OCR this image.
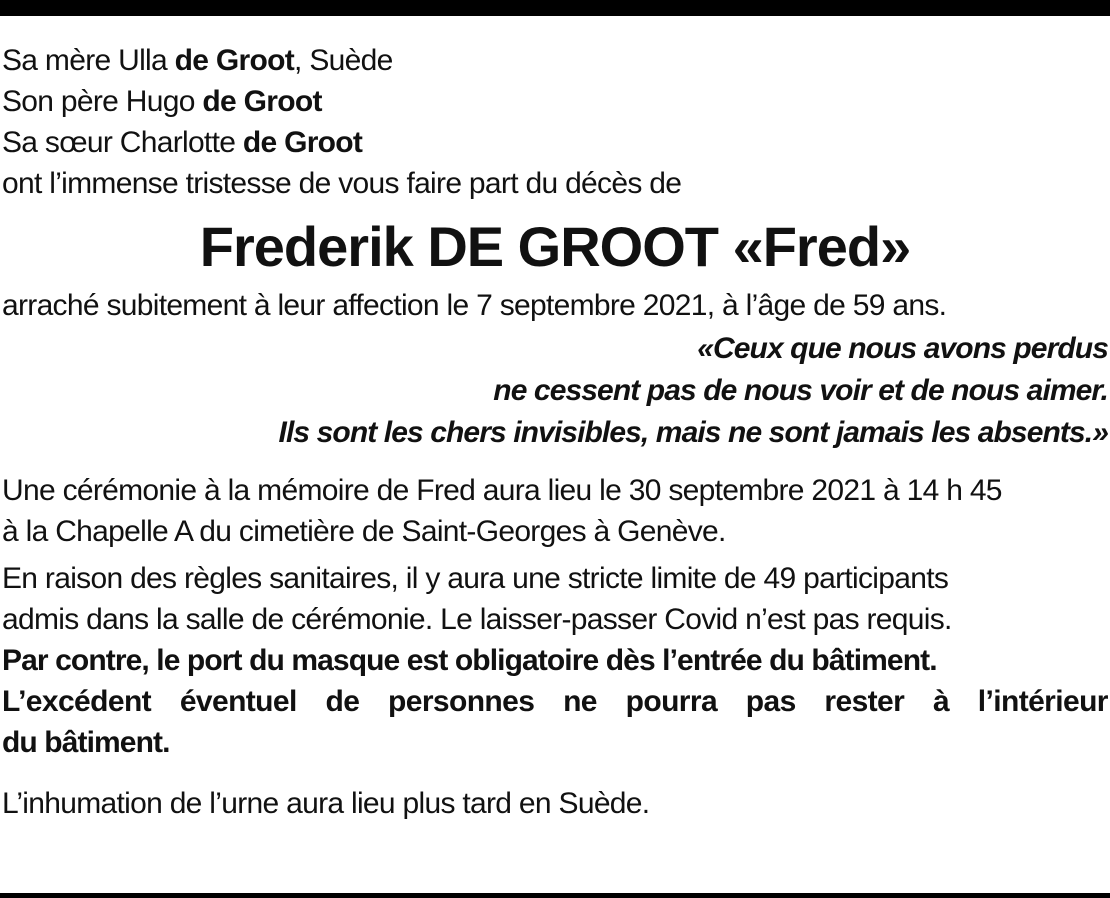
Sa mère Ulla de Groot, Suède
Son père Hugo de Groot
Sa sœur Charlotte de Groot
ont l’immense tristesse de vous faire part du décès de
Frederik DE GROOT «Fred»
arraché subitement à leur affection le 7 septembre 2021, à l’âge de 59 ans.
«Ceux que nous avons perdus
ne cessent pas de nous voir et de nous aimer.
Ils sont les chers invisibles, mais ne sont jamais les absents.»
Une cérémonie à la mémoire de Fred aura lieu le 30 septembre 2021 à 14 h 45
à la Chapelle A du cimetière de Saint-Georges à Genève.
En raison des règles sanitaires, il y aura une stricte limite de 49 participants
admis dans la salle de cérémonie. Le laisser-passer Covid n’est pas requis.
Par contre, le port du masque est obligatoire dès l’entrée du bâtiment.
L’excédent éventuel de personnes ne pourra pas rester à l’intérieur
du bâtiment.
L’inhumation de l’urne aura lieu plus tard en Suède.
